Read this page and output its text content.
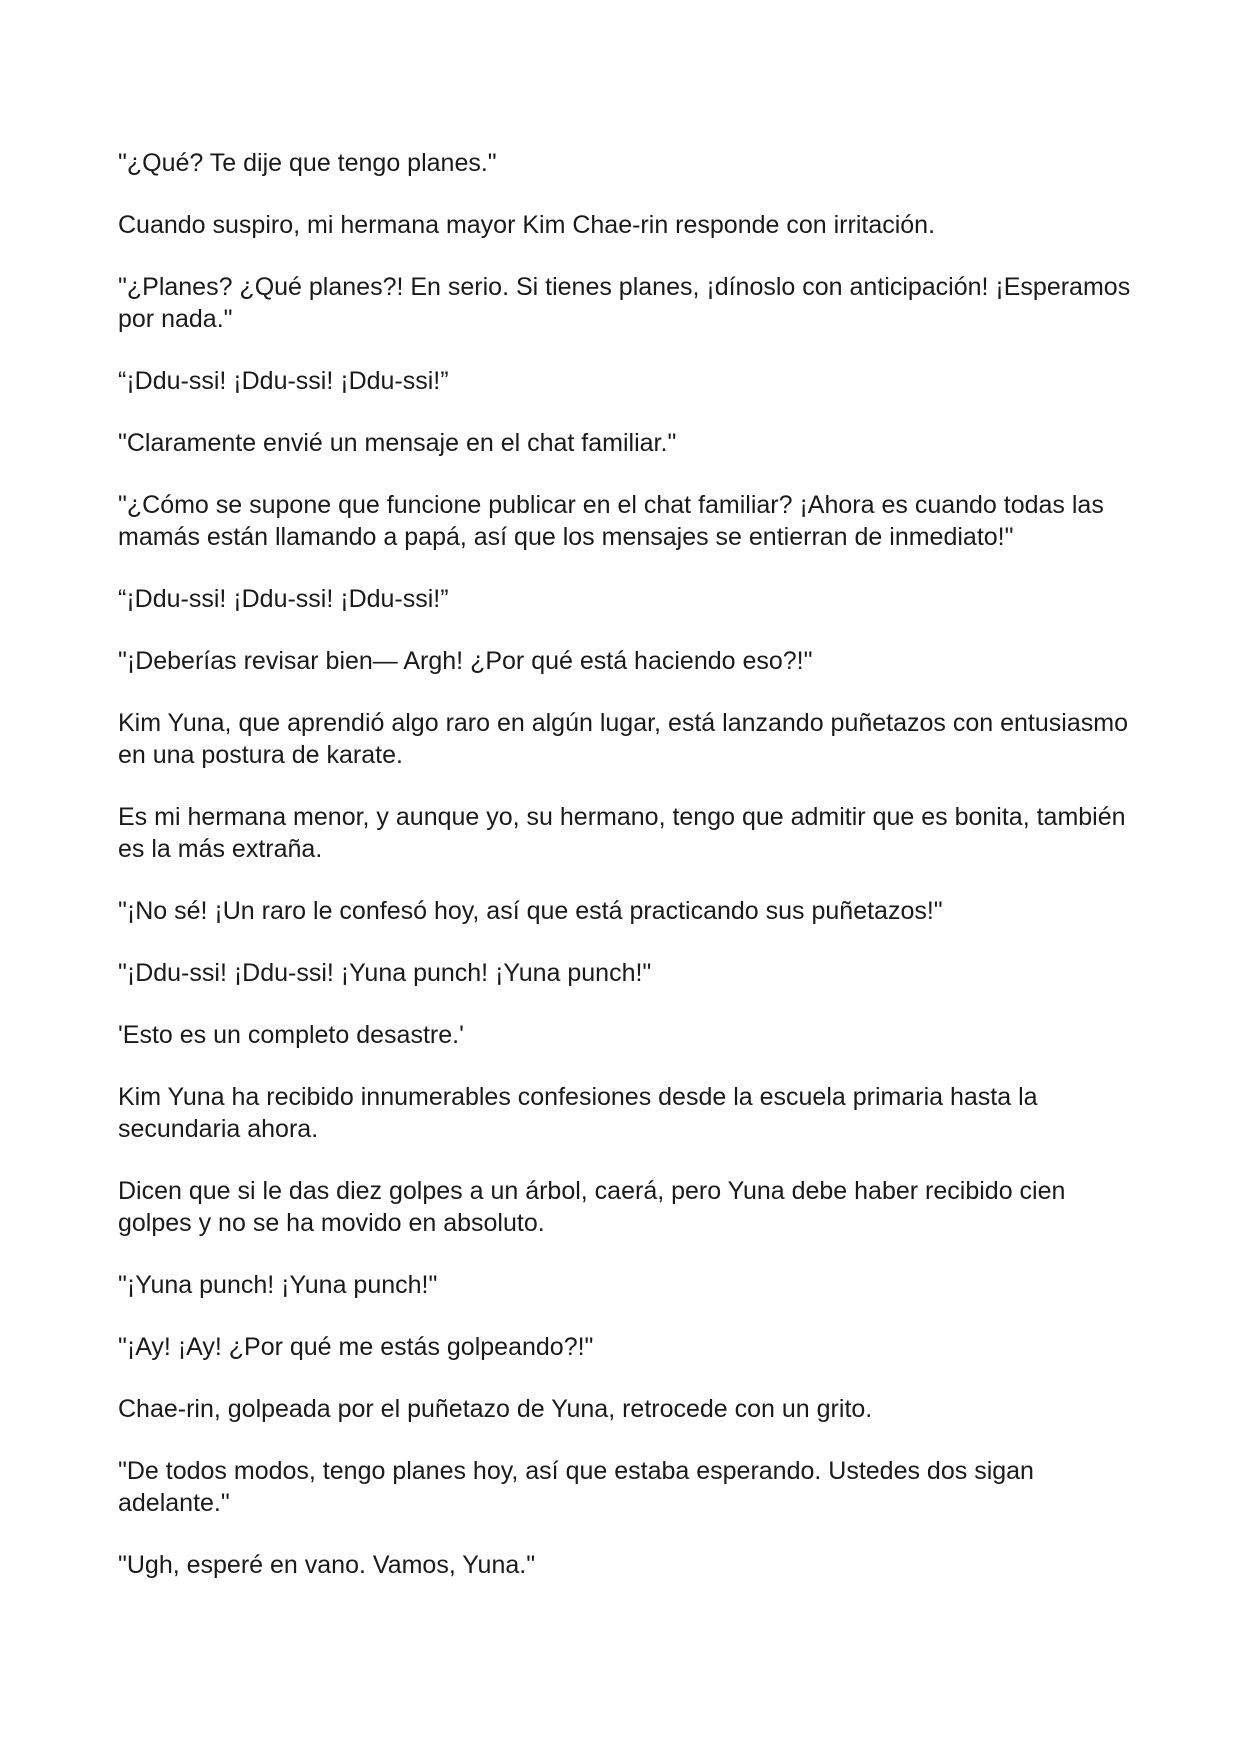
"¿Qué? Te dije que tengo planes."

Cuando suspiro, mi hermana mayor Kim Chae-rin responde con irritación.

"¿Planes? ¿Qué planes?! En serio. Si tienes planes, ¡dínoslo con anticipación! ¡Esperamos por nada."

“¡Ddu-ssi! ¡Ddu-ssi! ¡Ddu-ssi!”

"Claramente envié un mensaje en el chat familiar."

"¿Cómo se supone que funcione publicar en el chat familiar? ¡Ahora es cuando todas las mamás están llamando a papá, así que los mensajes se entierran de inmediato!"

“¡Ddu-ssi! ¡Ddu-ssi! ¡Ddu-ssi!”

"¡Deberías revisar bien— Argh! ¿Por qué está haciendo eso?!"

Kim Yuna, que aprendió algo raro en algún lugar, está lanzando puñetazos con entusiasmo en una postura de karate.

Es mi hermana menor, y aunque yo, su hermano, tengo que admitir que es bonita, también es la más extraña.

"¡No sé! ¡Un raro le confesó hoy, así que está practicando sus puñetazos!"

"¡Ddu-ssi! ¡Ddu-ssi! ¡Yuna punch! ¡Yuna punch!"

'Esto es un completo desastre.'

Kim Yuna ha recibido innumerables confesiones desde la escuela primaria hasta la secundaria ahora.

Dicen que si le das diez golpes a un árbol, caerá, pero Yuna debe haber recibido cien golpes y no se ha movido en absoluto.

"¡Yuna punch! ¡Yuna punch!"

"¡Ay! ¡Ay! ¿Por qué me estás golpeando?!"

Chae-rin, golpeada por el puñetazo de Yuna, retrocede con un grito.

"De todos modos, tengo planes hoy, así que estaba esperando. Ustedes dos sigan adelante."

"Ugh, esperé en vano. Vamos, Yuna."
